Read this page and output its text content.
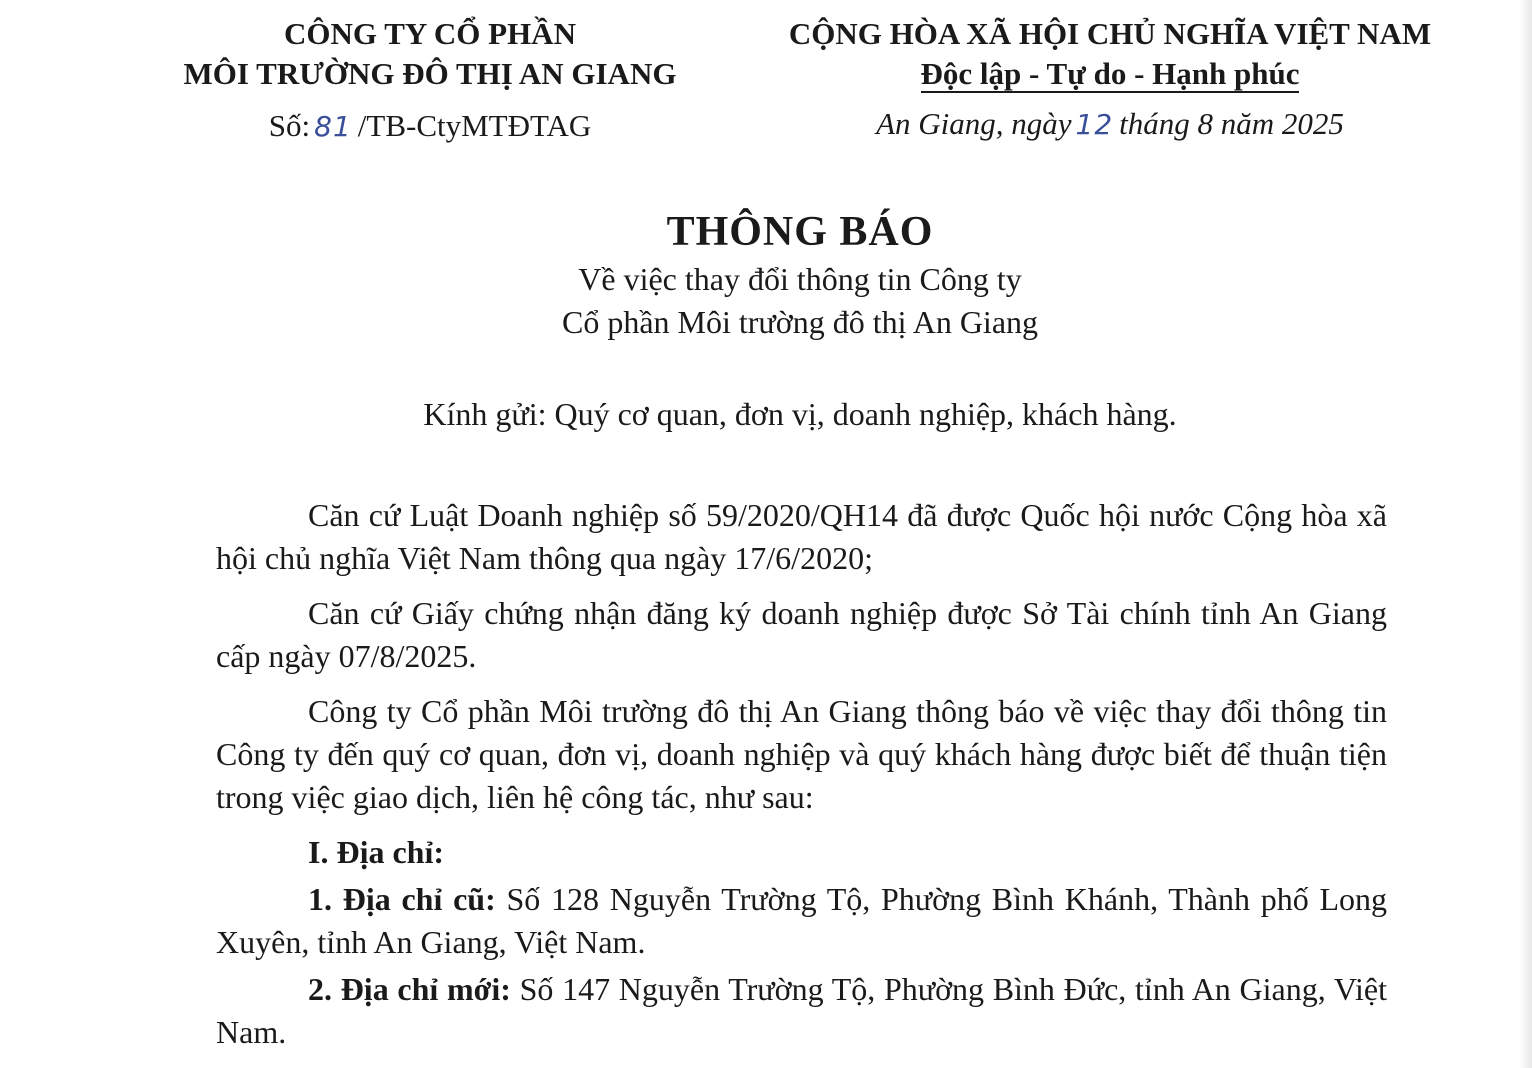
CÔNG TY CỔ PHẦN
MÔI TRƯỜNG ĐÔ THỊ AN GIANG
CỘNG HÒA XÃ HỘI CHỦ NGHĨA VIỆT NAM
Độc lập - Tự do - Hạnh phúc
Số: 81 /TB-CtyMTĐTAG	An Giang, ngày 12 tháng 8 năm 2025
THÔNG BÁO
Về việc thay đổi thông tin Công ty
Cổ phần Môi trường đô thị An Giang
Kính gửi: Quý cơ quan, đơn vị, doanh nghiệp, khách hàng.

Căn cứ Luật Doanh nghiệp số 59/2020/QH14 đã được Quốc hội nước Cộng hòa xã hội chủ nghĩa Việt Nam thông qua ngày 17/6/2020;

Căn cứ Giấy chứng nhận đăng ký doanh nghiệp được Sở Tài chính tỉnh An Giang cấp ngày 07/8/2025.

Công ty Cổ phần Môi trường đô thị An Giang thông báo về việc thay đổi thông tin Công ty đến quý cơ quan, đơn vị, doanh nghiệp và quý khách hàng được biết để thuận tiện trong việc giao dịch, liên hệ công tác, như sau:

I. Địa chỉ:
1. Địa chỉ cũ: Số 128 Nguyễn Trường Tộ, Phường Bình Khánh, Thành phố Long Xuyên, tỉnh An Giang, Việt Nam.
2. Địa chỉ mới: Số 147 Nguyễn Trường Tộ, Phường Bình Đức, tỉnh An Giang, Việt Nam.
